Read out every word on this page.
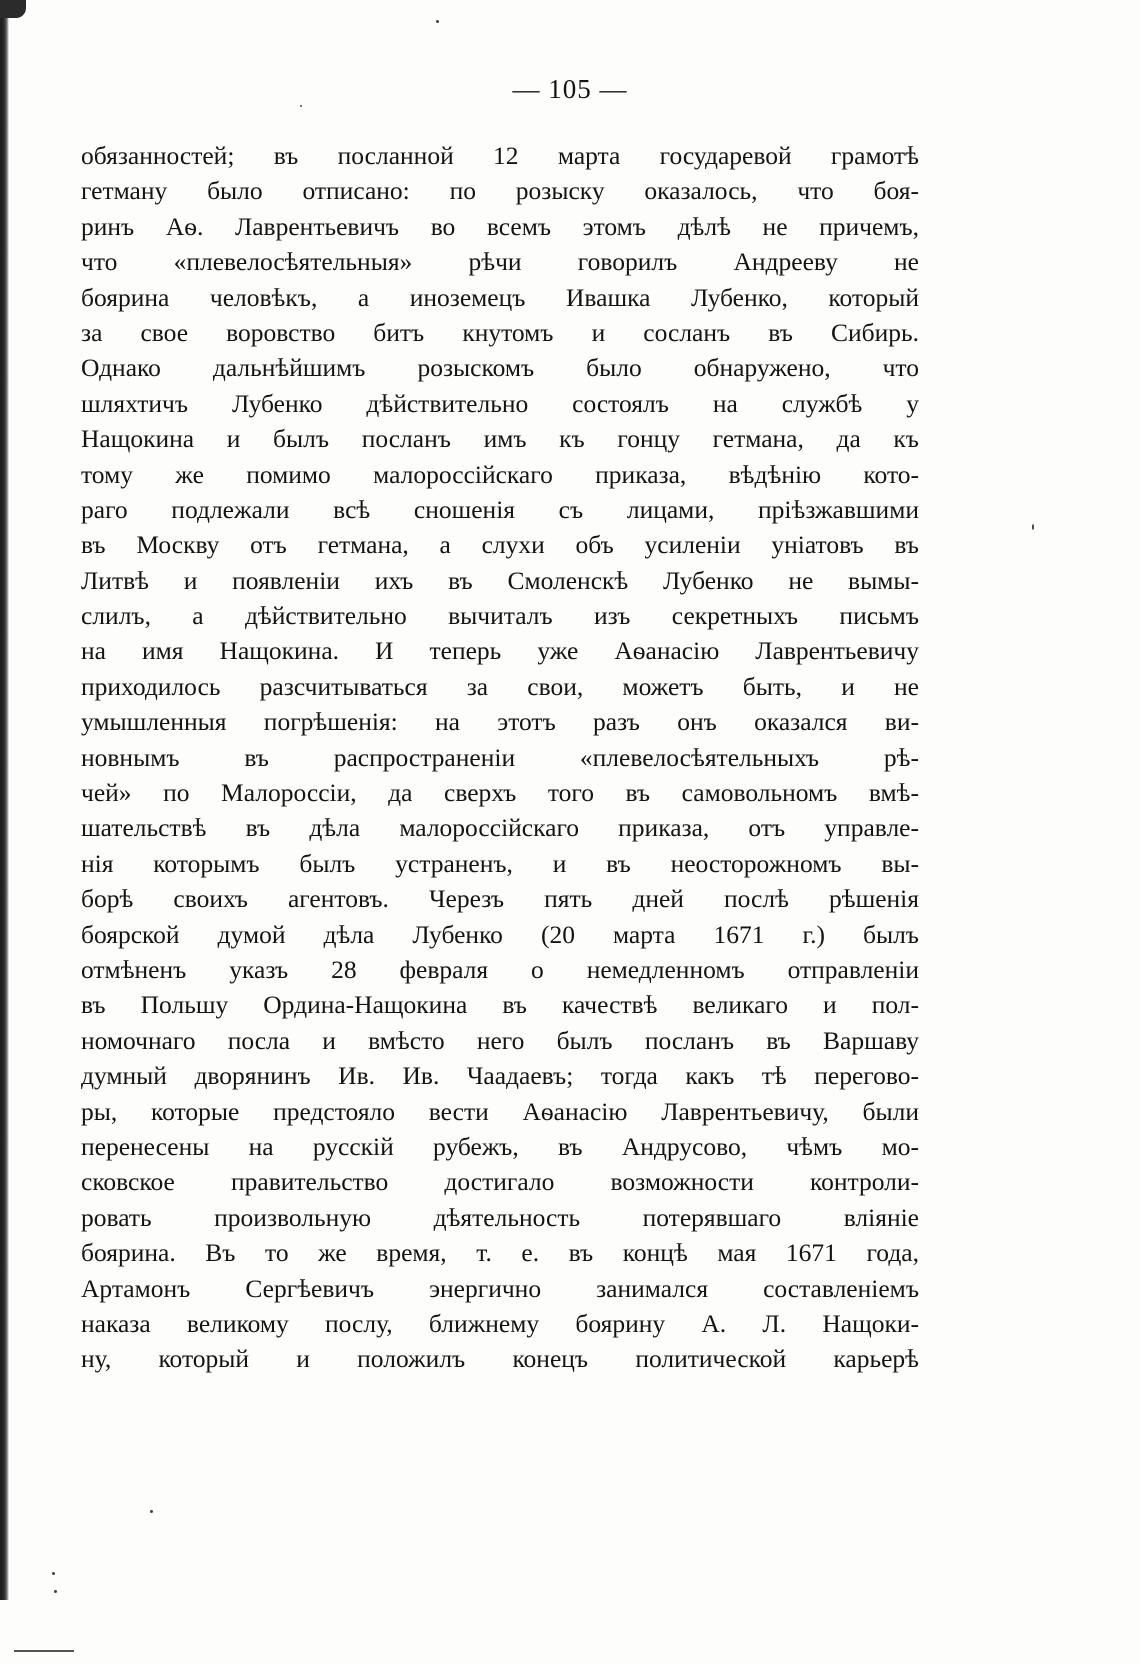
— 105 —
обязанностей; въ посланной 12 марта государевой грамотѣ
гетману было отписано: по розыску оказалось, что боя-
ринъ Аѳ. Лаврентьевичъ во всемъ этомъ дѣлѣ не причемъ,
что «плевелосѣятельныя» рѣчи говорилъ Андрееву не
боярина человѣкъ, а иноземецъ Ивашка Лубенко, который
за свое воровство битъ кнутомъ и сосланъ въ Сибирь.
Однако дальнѣйшимъ розыскомъ было обнаружено, что
шляхтичъ Лубенко дѣйствительно состоялъ на службѣ у
Нащокина и былъ посланъ имъ къ гонцу гетмана, да къ
тому же помимо малороссійскаго приказа, вѣдѣнію кото-
раго подлежали всѣ сношенія съ лицами, пріѣзжавшими
въ Москву отъ гетмана, а слухи объ усиленіи уніатовъ въ
Литвѣ и появленіи ихъ въ Смоленскѣ Лубенко не вымы-
слилъ, а дѣйствительно вычиталъ изъ секретныхъ письмъ
на имя Нащокина. И теперь уже Аѳанасію Лаврентьевичу
приходилось разсчитываться за свои, можетъ быть, и не
умышленныя погрѣшенія: на этотъ разъ онъ оказался ви-
новнымъ въ распространеніи «плевелосѣятельныхъ рѣ-
чей» по Малороссіи, да сверхъ того въ самовольномъ вмѣ-
шательствѣ въ дѣла малороссійскаго приказа, отъ управле-
нія которымъ былъ устраненъ, и въ неосторожномъ вы-
борѣ своихъ агентовъ. Черезъ пять дней послѣ рѣшенія
боярской думой дѣла Лубенко (20 марта 1671 г.) былъ
отмѣненъ указъ 28 февраля о немедленномъ отправленіи
въ Польшу Ордина-Нащокина въ качествѣ великаго и пол-
номочнаго посла и вмѣсто него былъ посланъ въ Варшаву
думный дворянинъ Ив. Ив. Чаадаевъ; тогда какъ тѣ перегово-
ры, которые предстояло вести Аѳанасію Лаврентьевичу, были
перенесены на русскій рубежъ, въ Андрусово, чѣмъ мо-
сковское правительство достигало возможности контроли-
ровать произвольную дѣятельность потерявшаго вліяніе
боярина. Въ то же время, т. е. въ концѣ мая 1671 года,
Артамонъ Сергѣевичъ энергично занимался составленіемъ
наказа великому послу, ближнему боярину А. Л. Нащоки-
ну, который и положилъ конецъ политической карьерѣ
